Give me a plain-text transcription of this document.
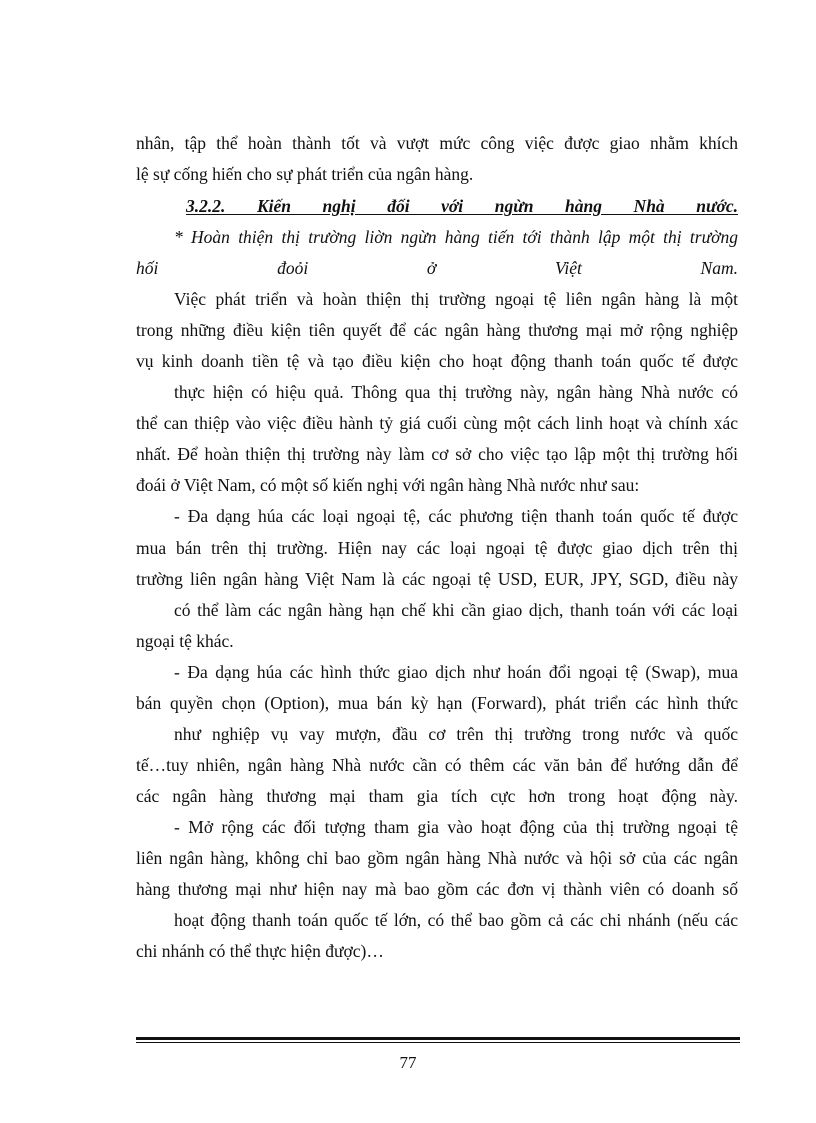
nhân, tập thể hoàn thành tốt và vượt mức công việc được giao nhằm khích
lệ sự cống hiến cho sự phát triển của ngân hàng.
3.2.2. Kiến nghị đối với ngừn hàng Nhà nước.
* Hoàn thiện thị trường liờn ngừn hàng tiến tới thành lập một thị trường
hối đoỏi ở Việt Nam.
Việc phát triển và hoàn thiện thị trường ngoại tệ liên ngân hàng là một
trong những điều kiện tiên quyết để các ngân hàng thương mại mở rộng nghiệp
vụ kinh doanh tiền tệ và tạo điều kiện cho hoạt động thanh toán quốc tế được
thực hiện có hiệu quả. Thông qua thị trường này, ngân hàng Nhà nước có
thể can thiệp vào việc điều hành tỷ giá cuối cùng một cách linh hoạt và chính xác
nhất. Để hoàn thiện thị trường này làm cơ sở cho việc tạo lập một thị trường hối
đoái ở Việt Nam, có một số kiến nghị với ngân hàng Nhà nước như sau:
- Đa dạng húa các loại ngoại tệ, các phương tiện thanh toán quốc tế được
mua bán trên thị trường. Hiện nay các loại ngoại tệ được giao dịch trên thị
trường liên ngân hàng Việt Nam là các ngoại tệ USD, EUR, JPY, SGD, điều này
có thể làm các ngân hàng hạn chế khi cần giao dịch, thanh toán với các loại
ngoại tệ khác.
- Đa dạng húa các hình thức giao dịch như hoán đổi ngoại tệ (Swap), mua
bán quyền chọn (Option), mua bán kỳ hạn (Forward), phát triển các hình thức
như nghiệp vụ vay mượn, đầu cơ trên thị trường trong nước và quốc
tế…tuy nhiên, ngân hàng Nhà nước cần có thêm các văn bản để hướng dẫn để
các ngân hàng thương mại tham gia tích cực hơn trong hoạt động này.
- Mở rộng các đối tượng tham gia vào hoạt động của thị trường ngoại tệ
liên ngân hàng, không chỉ bao gồm ngân hàng Nhà nước và hội sở của các ngân
hàng thương mại như hiện nay mà bao gồm các đơn vị thành viên có doanh số
hoạt động thanh toán quốc tế lớn, có thể bao gồm cả các chi nhánh (nếu các
chi nhánh có thể thực hiện được)…
77
